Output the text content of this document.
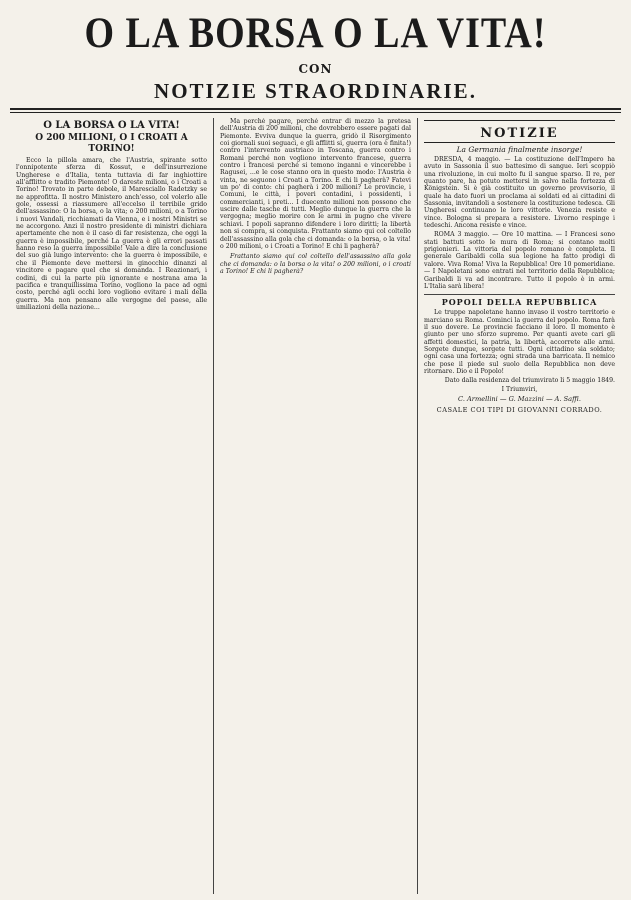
O LA BORSA O LA VITA!
CON
NOTIZIE STRAORDINARIE.
O LA BORSA O LA VITA!
O 200 MILIONI, O I CROATI A TORINO!

Ecco la pillola amara, che l'Austria, spirante sotto l'onnipotente sferza di Kossut, e dell'insurrezione Ungherese e d'Italia, tenta tuttavia di far inghiottire all'afflitto e tradito Piemonte! O dareste milioni, o i Croati a Torino! Trovato in parte debole, il Maresciallo Radetzky se ne approfitta. Il nostro Ministero anch'esso, col volerlo alle gole, ossessi a riassumere all'eccelso il terribile grido dell'assassino: O la borsa, o la vita; o 200 milioni, o a Torino i nuovi Vandali, ricchiamati da Vienna, e i nostri Ministri se ne accorgono. Anzi il nostro presidente di ministri dichiara apertamente che non è il caso di far resistenza, che oggi la guerra è impossibile, perché La guerra è gli errori passati hanno reso la guerra impossibile! Vale a dire la conclusione del suo già lungo intervento: che la guerra è impossibile, e che il Piemonte deve mettersi in ginocchio dinanzi al vincitore e pagare quel che si domanda. I Reazionari, i codini, di cui la parte più ignorante e nostrana ama la pacifica e tranquillissima Torino, vogliono la pace ad ogni costo, perché agli occhi loro vogliono evitare i mali della guerra. Ma non pensano alle vergogne del paese, alle umiliazioni della nazione...

Ma perché pagare, perché entrar di mezzo la pretesa dell'Austria di 200 milioni, che dovrebbero essere pagati dal Piemonte. Evviva dunque la guerra, gridò il Risorgimento coi giornali suoi seguaci, e gli afflitti si, guerra (ora è finita!) contro l'intervento austriaco in Toscana, guerra contro i Romani perché non vogliono intervento francese, guerra contro i francesi perché si temono inganni e vincerebbe i Ragusei, ...e le cose stanno ora in questo modo: l'Austria è vinta, ne seguono i Croati a Torino. E chi li pagherà? Fatevi un po' di conto: chi pagherà i 200 milioni? Le provincie, i Comuni, le città, i poveri contadini, i possidenti, i commercianti, i preti... I duecento milioni non possono che uscire dalle tasche di tutti. Meglio dunque la guerra che la vergogna; meglio morire con le armi in pugno che vivere schiavi. I popoli sapranno difendere i loro diritti; la libertà non si compra, si conquista. Frattanto siamo qui col coltello dell'assassino alla gola che ci domanda: o la borsa, o la vita! o 200 milioni, o i Croati a Torino! E chi li pagherà?

Frattanto siamo qui col coltello dell'assassino alla gola che ci domanda: o la borsa o la vita! o 200 milioni, o i croati a Torino! E chi li pagherà?

NOTIZIE
La Germania finalmente insorge!

DRESDA, 4 maggio. — La costituzione dell'Impero ha avuto in Sassonia il suo battesimo di sangue. Ieri scoppiò una rivoluzione, in cui molto fu il sangue sparso. Il re, per quanto pare, ha potuto mettersi in salvo nella fortezza di Königstein. Si è già costituito un governo provvisorio, il quale ha dato fuori un proclama ai soldati ed ai cittadini di Sassonia, invitandoli a sostenere la costituzione tedesca. Gli Ungheresi continuano le loro vittorie. Venezia resiste e vince. Bologna si prepara a resistere. Livorno respinge i tedeschi. Ancona resiste e vince.

ROMA 3 maggio. — Ore 10 mattina. — I Francesi sono stati battuti sotto le mura di Roma; si contano molti prigionieri. La vittoria del popolo romano è completa. Il generale Garibaldi colla sua legione ha fatto prodigi di valore. Viva Roma! Viva la Repubblica! Ore 10 pomeridiane. — I Napoletani sono entrati nel territorio della Repubblica; Garibaldi li va ad incontrare. Tutto il popolo è in armi. L'Italia sarà libera!

POPOLI DELLA REPUBBLICA

Le truppe napoletane hanno invaso il vostro territorio e marciano su Roma. Cominci la guerra del popolo. Roma farà il suo dovere. Le provincie facciano il loro. Il momento è giunto per uno sforzo supremo. Per quanti avete cari gli affetti domestici, la patria, la libertà, accorrete alle armi. Sorgete dunque, sorgete tutti. Ogni cittadino sia soldato; ogni casa una fortezza; ogni strada una barricata. Il nemico che pose il piede sul suolo della Repubblica non deve ritornare. Dio e il Popolo!

Dato dalla residenza del triumvirato li 5 maggio 1849.
I Triumviri,
C. Armellini — G. Mazzini — A. Saffi.
CASALE COI TIPI DI GIOVANNI CORRADO.
